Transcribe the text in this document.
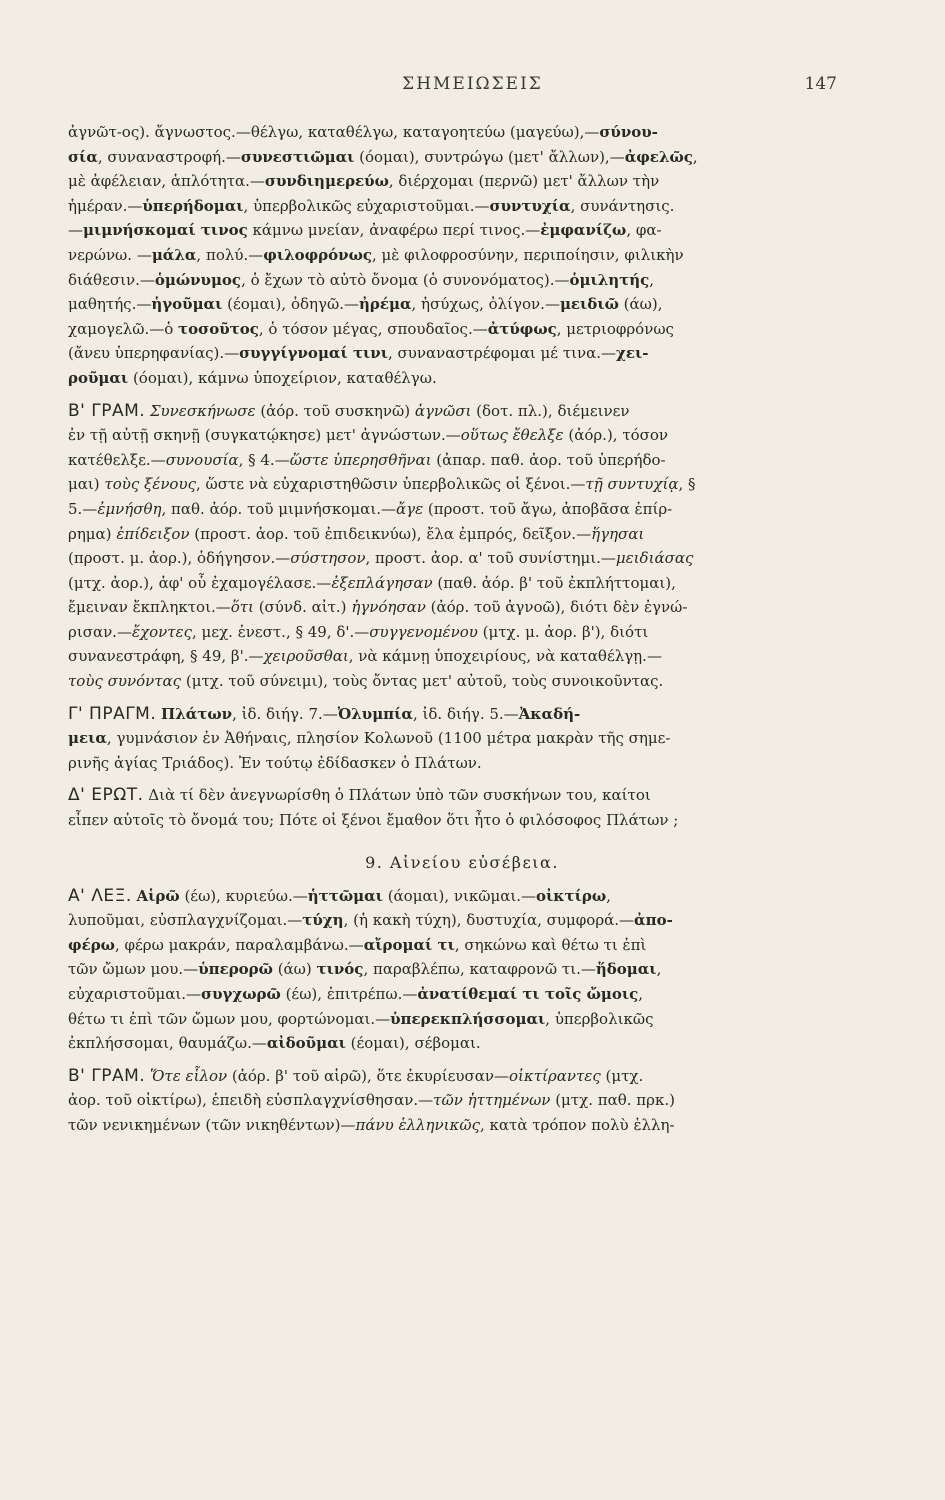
ΣΗΜΕΙΩΣΕΙΣ	147
ἀγνῶτ-ος). ἄγνωστος.—θέλγω, καταθέλγω, καταγοητεύω (μαγεύω),—σύνου-
σία, συναναστροφή.—συνεστιῶμαι (όομαι), συντρώγω (μετ' ἄλλων),—ἀφελῶς,
μὲ ἀφέλειαν, ἁπλότητα.—συνδιημερεύω, διέρχομαι (περνῶ) μετ' ἄλλων τὴν
ἡμέραν.—ὑπερήδομαι, ὑπερβολικῶς εὐχαριστοῦμαι.—συντυχία, συνάντησις.
—μιμνήσκομαί τινος κάμνω μνείαν, ἀναφέρω περί τινος.—ἐμφανίζω, φα-
νερώνω. —μάλα, πολύ.—φιλοφρόνως, μὲ φιλοφροσύνην, περιποίησιν, φιλικὴν
διάθεσιν.—ὁμώνυμος, ὁ ἔχων τὸ αὐτὸ ὄνομα (ὁ συνονόματος).—ὁμιλητής,
μαθητής.—ἡγοῦμαι (έομαι), ὁδηγῶ.—ἠρέμα, ἡσύχως, ὀλίγον.—μειδιῶ (άω),
χαμογελῶ.—ὁ τοσοῦτος, ὁ τόσον μέγας, σπουδαῖος.—ἀτύφως, μετριοφρόνως
(ἄνευ ὑπερηφανίας).—συγγίγνομαί τινι, συναναστρέφομαι μέ τινα.—χει-
ροῦμαι (όομαι), κάμνω ὑποχείριον, καταθέλγω.
Β' ΓΡΑΜ. Συνεσκήνωσε (ἀόρ. τοῦ συσκηνῶ) ἀγνῶσι (δοτ. πλ.), διέμεινεν
ἐν τῇ αὐτῇ σκηνῇ (συγκατῴκησε) μετ' ἀγνώστων.—οὕτως ἔθελξε (ἀόρ.), τόσον
κατέθελξε.—συνουσία, § 4.—ὥστε ὑπερησθῆναι (ἀπαρ. παθ. ἀορ. τοῦ ὑπερήδο-
μαι) τοὺς ξένους, ὥστε νὰ εὐχαριστηθῶσιν ὑπερβολικῶς οἱ ξένοι.—τῇ συντυχίᾳ, §
5.—ἐμνήσθη, παθ. ἀόρ. τοῦ μιμνήσκομαι.—ἄγε (προστ. τοῦ ἄγω, ἀποβᾶσα ἐπίρ-
ρημα) ἐπίδειξον (προστ. ἀορ. τοῦ ἐπιδεικνύω), ἔλα ἐμπρός, δεῖξον.—ἥγησαι
(προστ. μ. ἀορ.), ὁδήγησον.—σύστησον, προστ. ἀορ. α' τοῦ συνίστημι.—μειδιάσας
(μτχ. ἀορ.), ἀφ' οὗ ἐχαμογέλασε.—ἐξεπλάγησαν (παθ. ἀόρ. β' τοῦ ἐκπλήττομαι),
ἔμειναν ἔκπληκτοι.—ὅτι (σύνδ. αἰτ.) ἠγνόησαν (ἀόρ. τοῦ ἀγνοῶ), διότι δὲν ἐγνώ-
ρισαν.—ἔχοντες, μεχ. ἐνεστ., § 49, δ'.—συγγενομένου (μτχ. μ. ἀορ. β'), διότι
συνανεστράφη, § 49, β'.—χειροῦσθαι, νὰ κάμνῃ ὑποχειρίους, νὰ καταθέλγῃ.—
τοὺς συνόντας (μτχ. τοῦ σύνειμι), τοὺς ὄντας μετ' αὐτοῦ, τοὺς συνοικοῦντας.
Γ' ΠΡΑΓΜ. Πλάτων, ἰδ. διήγ. 7.—Ὀλυμπία, ἰδ. διήγ. 5.—Ἀκαδή-
μεια, γυμνάσιον ἐν Ἀθήναις, πλησίον Κολωνοῦ (1100 μέτρα μακρὰν τῆς σημε-
ρινῆς ἁγίας Τριάδος). Ἐν τούτῳ ἐδίδασκεν ὁ Πλάτων.
Δ' ΕΡΩΤ. Διὰ τί δὲν ἀνεγνωρίσθη ὁ Πλάτων ὑπὸ τῶν συσκήνων του, καίτοι
εἶπεν αὐτοῖς τὸ ὄνομά του; Πότε οἱ ξένοι ἔμαθον ὅτι ἦτο ὁ φιλόσοφος Πλάτων ;
9. Αἰνείου εὐσέβεια.
Α' ΛΕΞ. Αἱρῶ (έω), κυριεύω.—ἡττῶμαι (άομαι), νικῶμαι.—οἰκτίρω,
λυποῦμαι, εὐσπλαγχνίζομαι.—τύχη, (ἡ κακὴ τύχη), δυστυχία, συμφορά.—ἀπο-
φέρω, φέρω μακράν, παραλαμβάνω.—αἴρομαί τι, σηκώνω καὶ θέτω τι ἐπὶ
τῶν ὤμων μου.—ὑπερορῶ (άω) τινός, παραβλέπω, καταφρονῶ τι.—ἥδομαι,
εὐχαριστοῦμαι.—συγχωρῶ (έω), ἐπιτρέπω.—ἀνατίθεμαί τι τοῖς ὤμοις,
θέτω τι ἐπὶ τῶν ὤμων μου, φορτώνομαι.—ὑπερεκπλήσσομαι, ὑπερβολικῶς
ἐκπλήσσομαι, θαυμάζω.—αἰδοῦμαι (έομαι), σέβομαι.
Β' ΓΡΑΜ. Ὅτε εἷλον (ἀόρ. β' τοῦ αἱρῶ), ὅτε ἐκυρίευσαν—οἰκτίραντες (μτχ.
ἀορ. τοῦ οἰκτίρω), ἐπειδὴ εὐσπλαγχνίσθησαν.—τῶν ἡττημένων (μτχ. παθ. πρκ.)
τῶν νενικημένων (τῶν νικηθέντων)—πάνυ ἑλληνικῶς, κατὰ τρόπον πολὺ ἑλλη-
